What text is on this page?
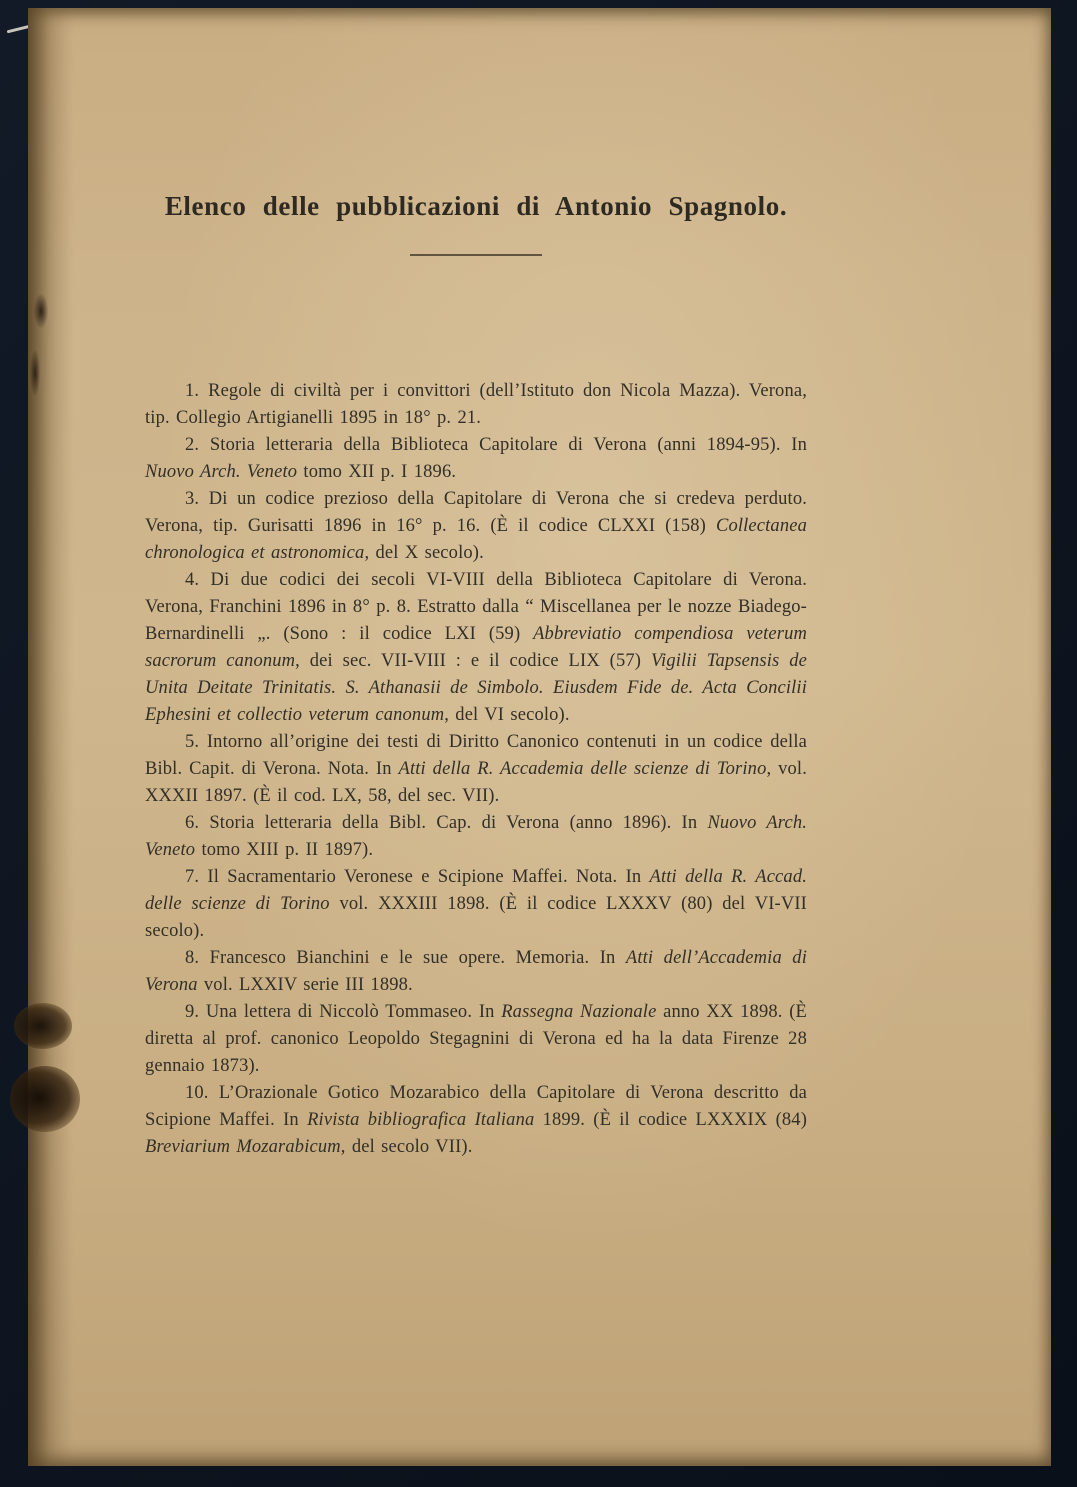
Elenco delle pubblicazioni di Antonio Spagnolo.

1. Regole di civiltà per i convittori (dell’Istituto don Nicola Mazza). Verona, tip. Collegio Artigianelli 1895 in 18° p. 21.

2. Storia letteraria della Biblioteca Capitolare di Verona (anni 1894-95). In Nuovo Arch. Veneto tomo XII p. I 1896.

3. Di un codice prezioso della Capitolare di Verona che si credeva perduto. Verona, tip. Gurisatti 1896 in 16° p. 16. (È il codice CLXXI (158) Collectanea chronologica et astronomica, del X secolo).

4. Di due codici dei secoli VI-VIII della Biblioteca Capitolare di Verona. Verona, Franchini 1896 in 8° p. 8. Estratto dalla “ Miscellanea per le nozze Biadego-Bernardinelli „. (Sono : il codice LXI (59) Abbreviatio compendiosa veterum sacrorum canonum, dei sec. VII-VIII : e il codice LIX (57) Vigilii Tapsensis de Unita Deitate Trinitatis. S. Athanasii de Simbolo. Eiusdem Fide de. Acta Concilii Ephesini et collectio veterum canonum, del VI secolo).

5. Intorno all’origine dei testi di Diritto Canonico contenuti in un codice della Bibl. Capit. di Verona. Nota. In Atti della R. Accademia delle scienze di Torino, vol. XXXII 1897. (È il cod. LX, 58, del sec. VII).

6. Storia letteraria della Bibl. Cap. di Verona (anno 1896). In Nuovo Arch. Veneto tomo XIII p. II 1897).

7. Il Sacramentario Veronese e Scipione Maffei. Nota. In Atti della R. Accad. delle scienze di Torino vol. XXXIII 1898. (È il codice LXXXV (80) del VI-VII secolo).

8. Francesco Bianchini e le sue opere. Memoria. In Atti dell’Accademia di Verona vol. LXXIV serie III 1898.

9. Una lettera di Niccolò Tommaseo. In Rassegna Nazionale anno XX 1898. (È diretta al prof. canonico Leopoldo Stegagnini di Verona ed ha la data Firenze 28 gennaio 1873).

10. L’Orazionale Gotico Mozarabico della Capitolare di Verona descritto da Scipione Maffei. In Rivista bibliografica Italiana 1899. (È il codice LXXXIX (84) Breviarium Mozarabicum, del secolo VII).
